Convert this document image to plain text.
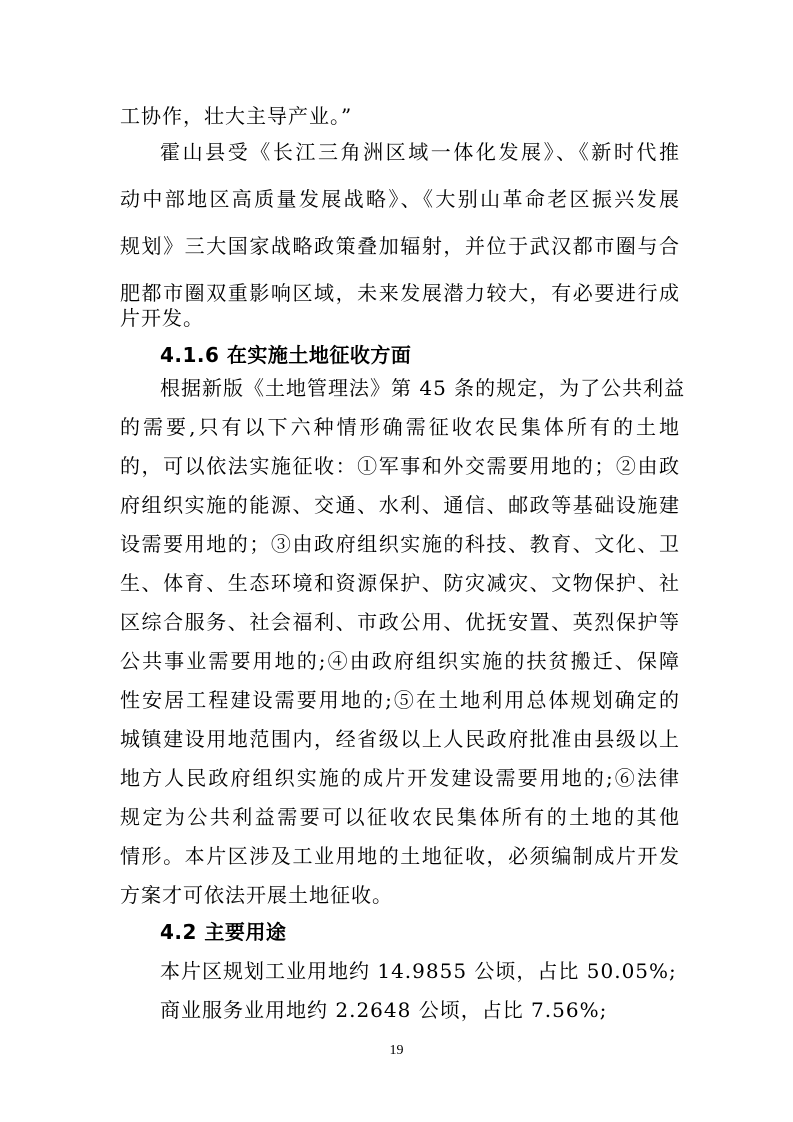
工协作，壮大主导产业。”
霍山县受《长江三角洲区域一体化发展》、《新时代推
动中部地区高质量发展战略》、《大别山革命老区振兴发展
规划》三大国家战略政策叠加辐射，并位于武汉都市圈与合
肥都市圈双重影响区域，未来发展潜力较大，有必要进行成
片开发。
4.1.6 在实施土地征收方面
根据新版《土地管理法》第 45 条的规定，为了公共利益
的需要,只有以下六种情形确需征收农民集体所有的土地
的，可以依法实施征收：①军事和外交需要用地的；②由政
府组织实施的能源、交通、水利、通信、邮政等基础设施建
设需要用地的；③由政府组织实施的科技、教育、文化、卫
生、体育、生态环境和资源保护、防灾减灾、文物保护、社
区综合服务、社会福利、市政公用、优抚安置、英烈保护等
公共事业需要用地的;④由政府组织实施的扶贫搬迁、保障
性安居工程建设需要用地的;⑤在土地利用总体规划确定的
城镇建设用地范围内，经省级以上人民政府批准由县级以上
地方人民政府组织实施的成片开发建设需要用地的;⑥法律
规定为公共利益需要可以征收农民集体所有的土地的其他
情形。本片区涉及工业用地的土地征收，必须编制成片开发
方案才可依法开展土地征收。
4.2 主要用途
本片区规划工业用地约 14.9855 公顷，占比 50.05%;
商业服务业用地约 2.2648 公顷，占比 7.56%;
19
